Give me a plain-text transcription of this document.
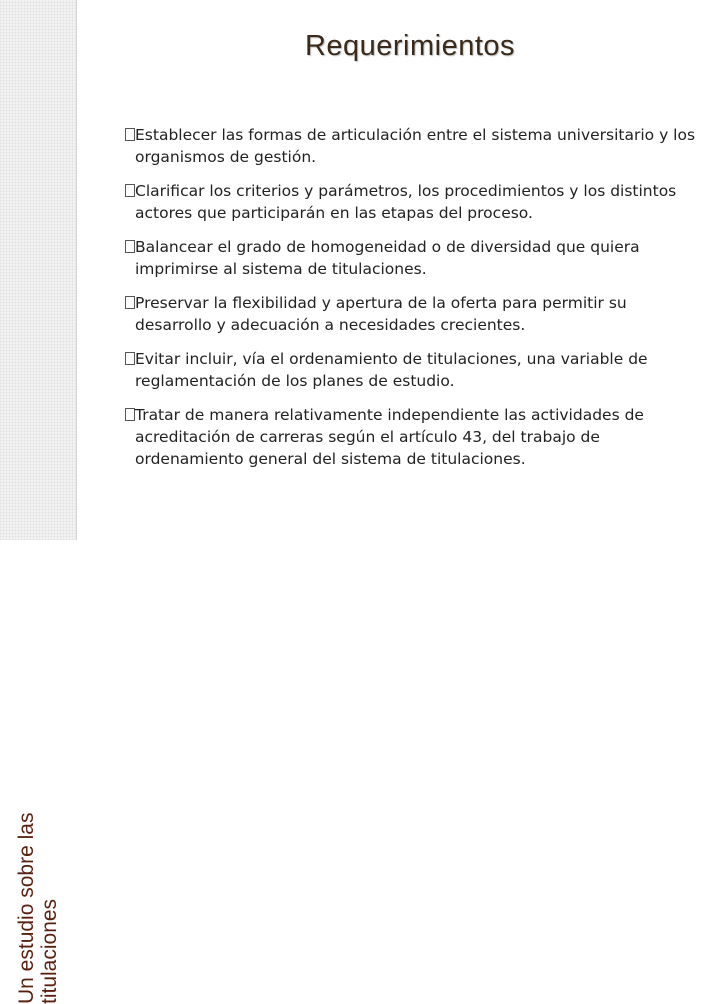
Un estudio sobre las titulaciones

Requerimientos
Establecer las formas de articulación entre el sistema universitario y los organismos de gestión.
Clarificar los criterios y parámetros, los procedimientos y los distintos actores que participarán en las etapas del proceso.
Balancear el grado de homogeneidad o de diversidad que quiera imprimirse al sistema de titulaciones.
Preservar la flexibilidad y apertura de la oferta para permitir su desarrollo y adecuación a necesidades crecientes.
Evitar incluir, vía el ordenamiento de titulaciones, una variable de reglamentación de los planes de estudio.
Tratar de manera relativamente independiente las actividades de acreditación de carreras según el artículo 43, del trabajo de ordenamiento general del sistema de titulaciones.
